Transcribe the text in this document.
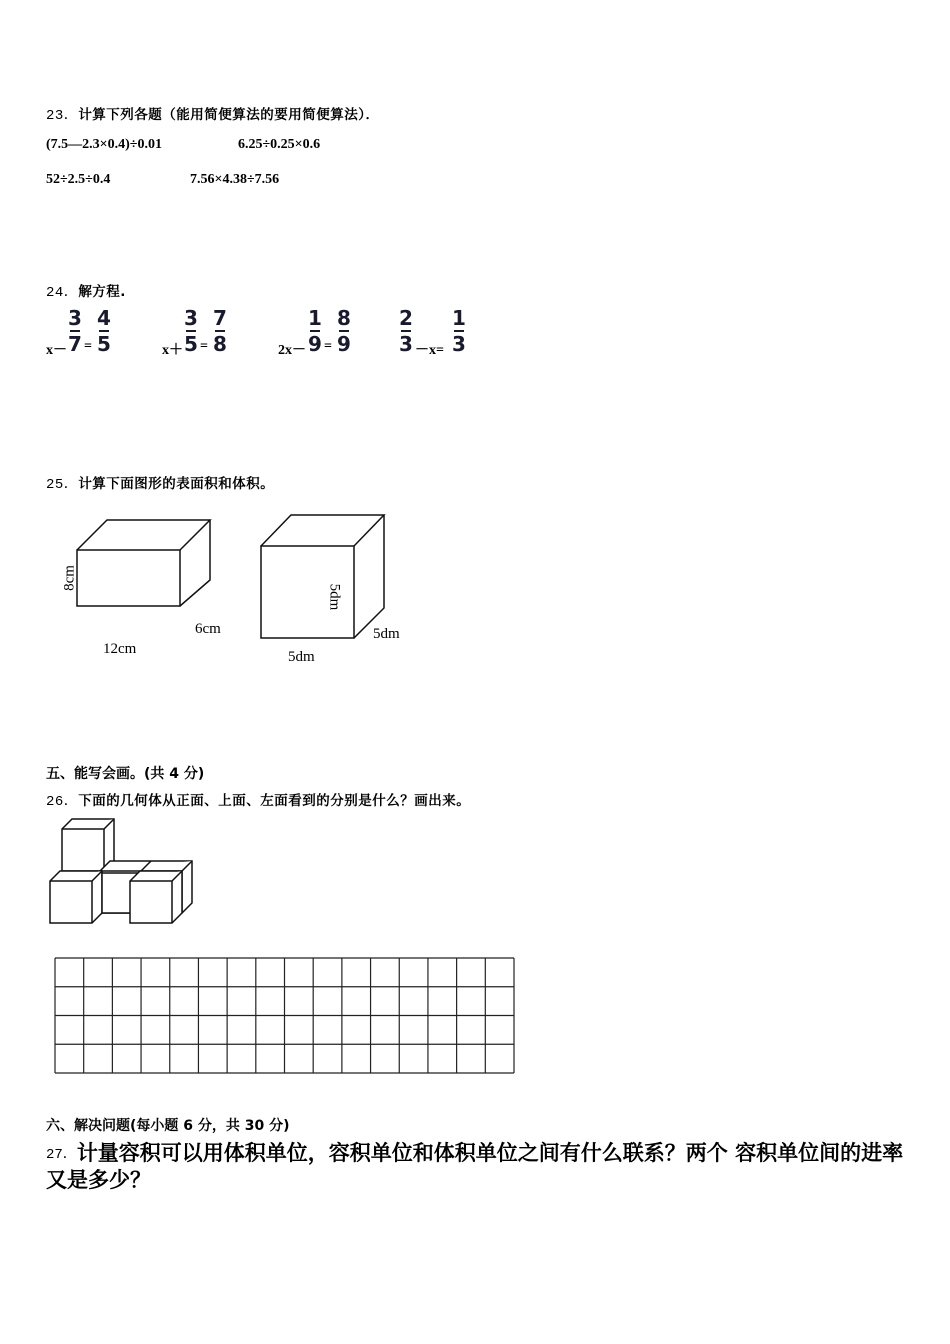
23．计算下列各题（能用简便算法的要用简便算法）．
(7.5—2.3×0.4)÷0.01	6.25÷0.25×0.6
52÷2.5÷0.4	7.56×4.38÷7.56
24．解方程.
x－
3
7 =
4
5	x＋
3
5 =
7
8	2x－
1
9 =
8
9
2
3 －x=
1
3
25．计算下面图形的表面积和体积。
8cm
12cm
6cm
5dm
5dm
5dm
五、能写会画。(共 4 分)
26．下面的几何体从正面、上面、左面看到的分别是什么？画出来。
六、解决问题(每小题 6 分，共 30 分)
27．计量容积可以用体积单位，容积单位和体积单位之间有什么联系？两个 容积单位间的进率又是多少？
